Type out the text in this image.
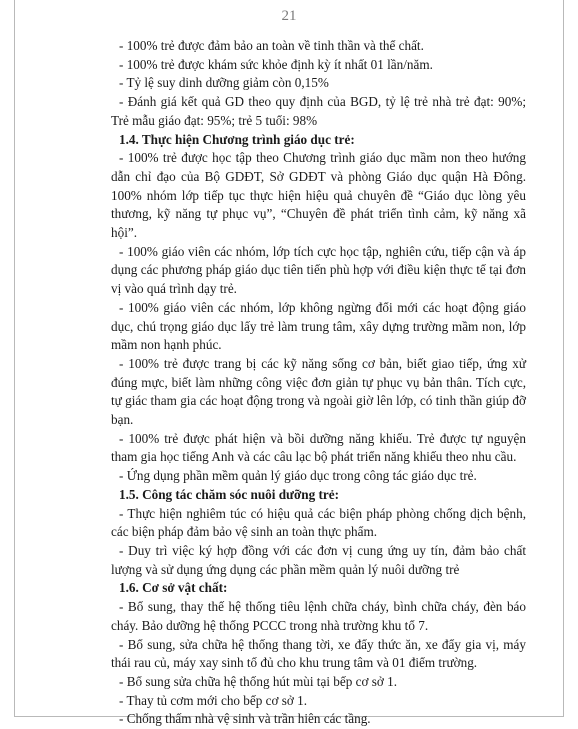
21

- 100% trẻ được đảm bảo an toàn về tinh thần và thể chất.

- 100% trẻ được khám sức khỏe định kỳ ít nhất 01 lần/năm.

- Tỷ lệ suy dinh dưỡng giảm còn 0,15%

- Đánh giá kết quả GD theo quy định của BGD, tỷ lệ trẻ nhà trẻ đạt: 90%; Trẻ mẫu giáo đạt: 95%; trẻ 5 tuổi: 98%

1.4. Thực hiện Chương trình giáo dục trẻ:

- 100% trẻ được học tập theo Chương trình giáo dục mầm non theo hướng dẫn chỉ đạo của Bộ GDĐT, Sở GDĐT và phòng Giáo dục quận Hà Đông. 100% nhóm lớp tiếp tục thực hiện hiệu quả chuyên đề “Giáo dục lòng yêu thương, kỹ năng tự phục vụ”, “Chuyên đề phát triển tình cảm, kỹ năng xã hội”.

- 100% giáo viên các nhóm, lớp tích cực học tập, nghiên cứu, tiếp cận và áp dụng các phương pháp giáo dục tiên tiến phù hợp với điều kiện thực tế tại đơn vị vào quá trình dạy trẻ.

- 100% giáo viên các nhóm, lớp không ngừng đổi mới các hoạt động giáo dục, chú trọng giáo dục lấy trẻ làm trung tâm, xây dựng trường mầm non, lớp mầm non hạnh phúc.

- 100% trẻ được trang bị các kỹ năng sống cơ bản, biết giao tiếp, ứng xử đúng mực, biết làm những công việc đơn giản tự phục vụ bản thân. Tích cực, tự giác tham gia các hoạt động trong và ngoài giờ lên lớp, có tinh thần giúp đỡ bạn.

- 100% trẻ được phát hiện và bồi dưỡng năng khiếu. Trẻ được tự nguyện tham gia học tiếng Anh và các câu lạc bộ phát triển năng khiếu theo nhu cầu.

- Ứng dụng phần mềm quản lý giáo dục trong công tác giáo dục trẻ.

1.5. Công tác chăm sóc nuôi dưỡng trẻ:

- Thực hiện nghiêm túc có hiệu quả các biện pháp phòng chống dịch bệnh, các biện pháp đảm bảo vệ sinh an toàn thực phẩm.

- Duy trì việc ký hợp đồng với các đơn vị cung ứng uy tín, đảm bảo chất lượng và sử dụng ứng dụng các phần mềm quản lý nuôi dưỡng trẻ

1.6. Cơ sở vật chất:

- Bổ sung, thay thế hệ thống tiêu lệnh chữa cháy, bình chữa cháy, đèn báo cháy. Bảo dưỡng hệ thống PCCC trong nhà trường khu tổ 7.

- Bổ sung, sửa chữa hệ thống thang tời, xe đẩy thức ăn, xe đẩy gia vị, máy thái rau củ, máy xay sinh tố đủ cho khu trung tâm và 01 điểm trường.

- Bổ sung sửa chữa hệ thống hút mùi tại bếp cơ sở 1.

- Thay tủ cơm mới cho bếp cơ sở 1.

- Chống thấm nhà vệ sinh và trần hiên các tầng.
